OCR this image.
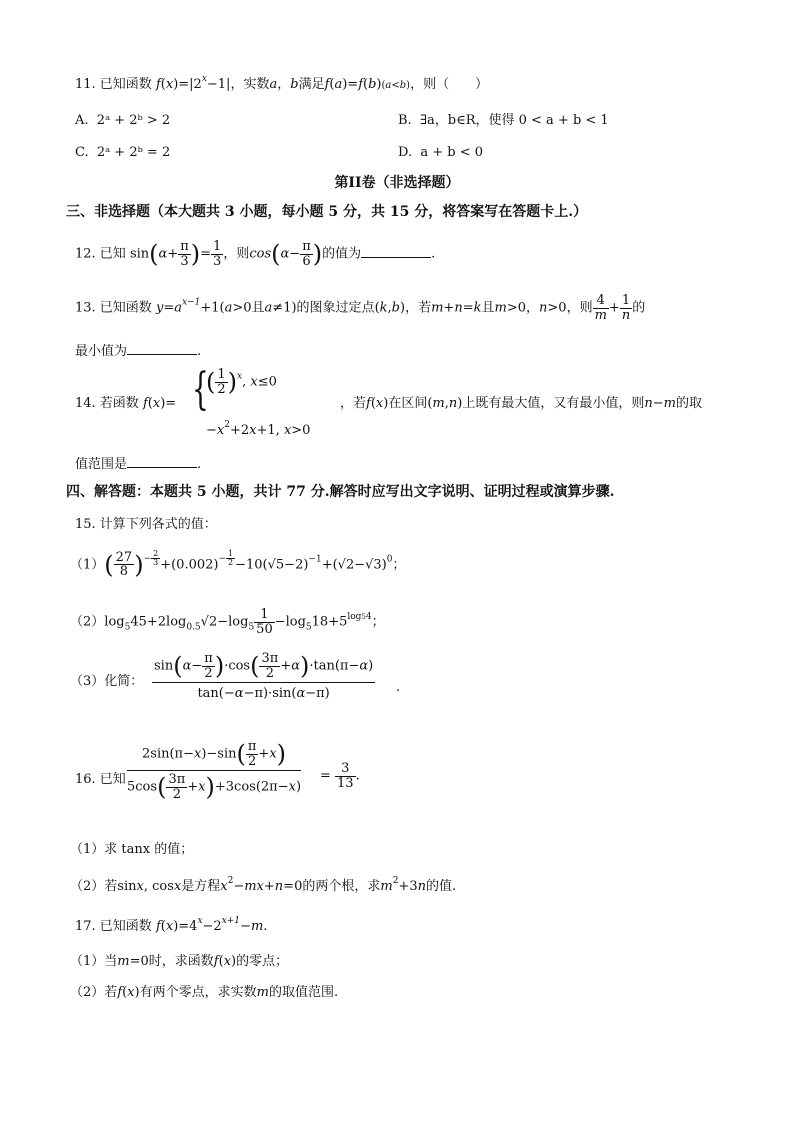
11. 已知函数 $f(x)=|2^x-1|$，实数a，b满足f(a)=f(b)(a<b)，则（　　）
A. 2ᵃ + 2ᵇ > 2	B. ∃a，b∈R，使得 0 < a + b < 1
C. 2ᵃ + 2ᵇ = 2	D. a + b < 0
第II卷（非选择题）
三、非选择题（本大题共 3 小题，每小题 5 分，共 15 分，将答案写在答题卡上.）
12. 已知 $\sin(\alpha+ \frac{\pi}{3}$ )= $\frac{1}{3}$ ，则$\cos(\alpha- \frac{\pi}{6}$ )的值为	.
13. 已知函数 $y=a^{x-1}+1(a>0$且a≠1)的图象过定点(k,b)，若m+n=k且m>0，n>0，则 $\frac{4}{m} + \frac{1}{n}$ 的
最小值为	.
14. 若函数 f(x)= {
( $\frac{1}{2} )^x$, x≤0
$-x^2+2x+1$, x>0
，若f(x)在区间(m,n)上既有最大值，又有最小值，则n−m的取
值范围是	.
四、解答题：本题共 5 小题，共计 77 分.解答时应写出文字说明、证明过程或演算步骤.
15. 计算下列各式的值：
$(1)( \frac{27}{8} )^{- \frac{2}{3}} +(0.002)^{- \frac{1}{2}} -10(√5-2)^{-1}+(√2-√3)^0$；
$(2)\log_545+2\log_{0.5}√2-\log_5 \frac{1}{50} -\log_518+5^{log54}$；
（3）化简：
$\sin(\alpha- \frac{\pi}{2} )\cdot\cos( \frac{3\pi}{2} +\alpha)\cdot\tan(\pi-\alpha)$
tan(−α−π)·sin(α−π)	.
16. 已知
$2\sin(\pi-x)-\sin( \frac{\pi}{2} +x)$
$5\cos( \frac{3\pi}{2} +x)+3\cos(2\pi-x)$
= $\frac{3}{13}$ .
（1）求 tanx 的值；
（2）若sinx, cosx是方程$x^2-mx+n=0$的两个根，求$m^2+3n$的值.
17. 已知函数 $f(x)=4^x-2^{x+1}-m$.
（1）当m=0时，求函数f(x)的零点；
（2）若f(x)有两个零点，求实数m的取值范围.
